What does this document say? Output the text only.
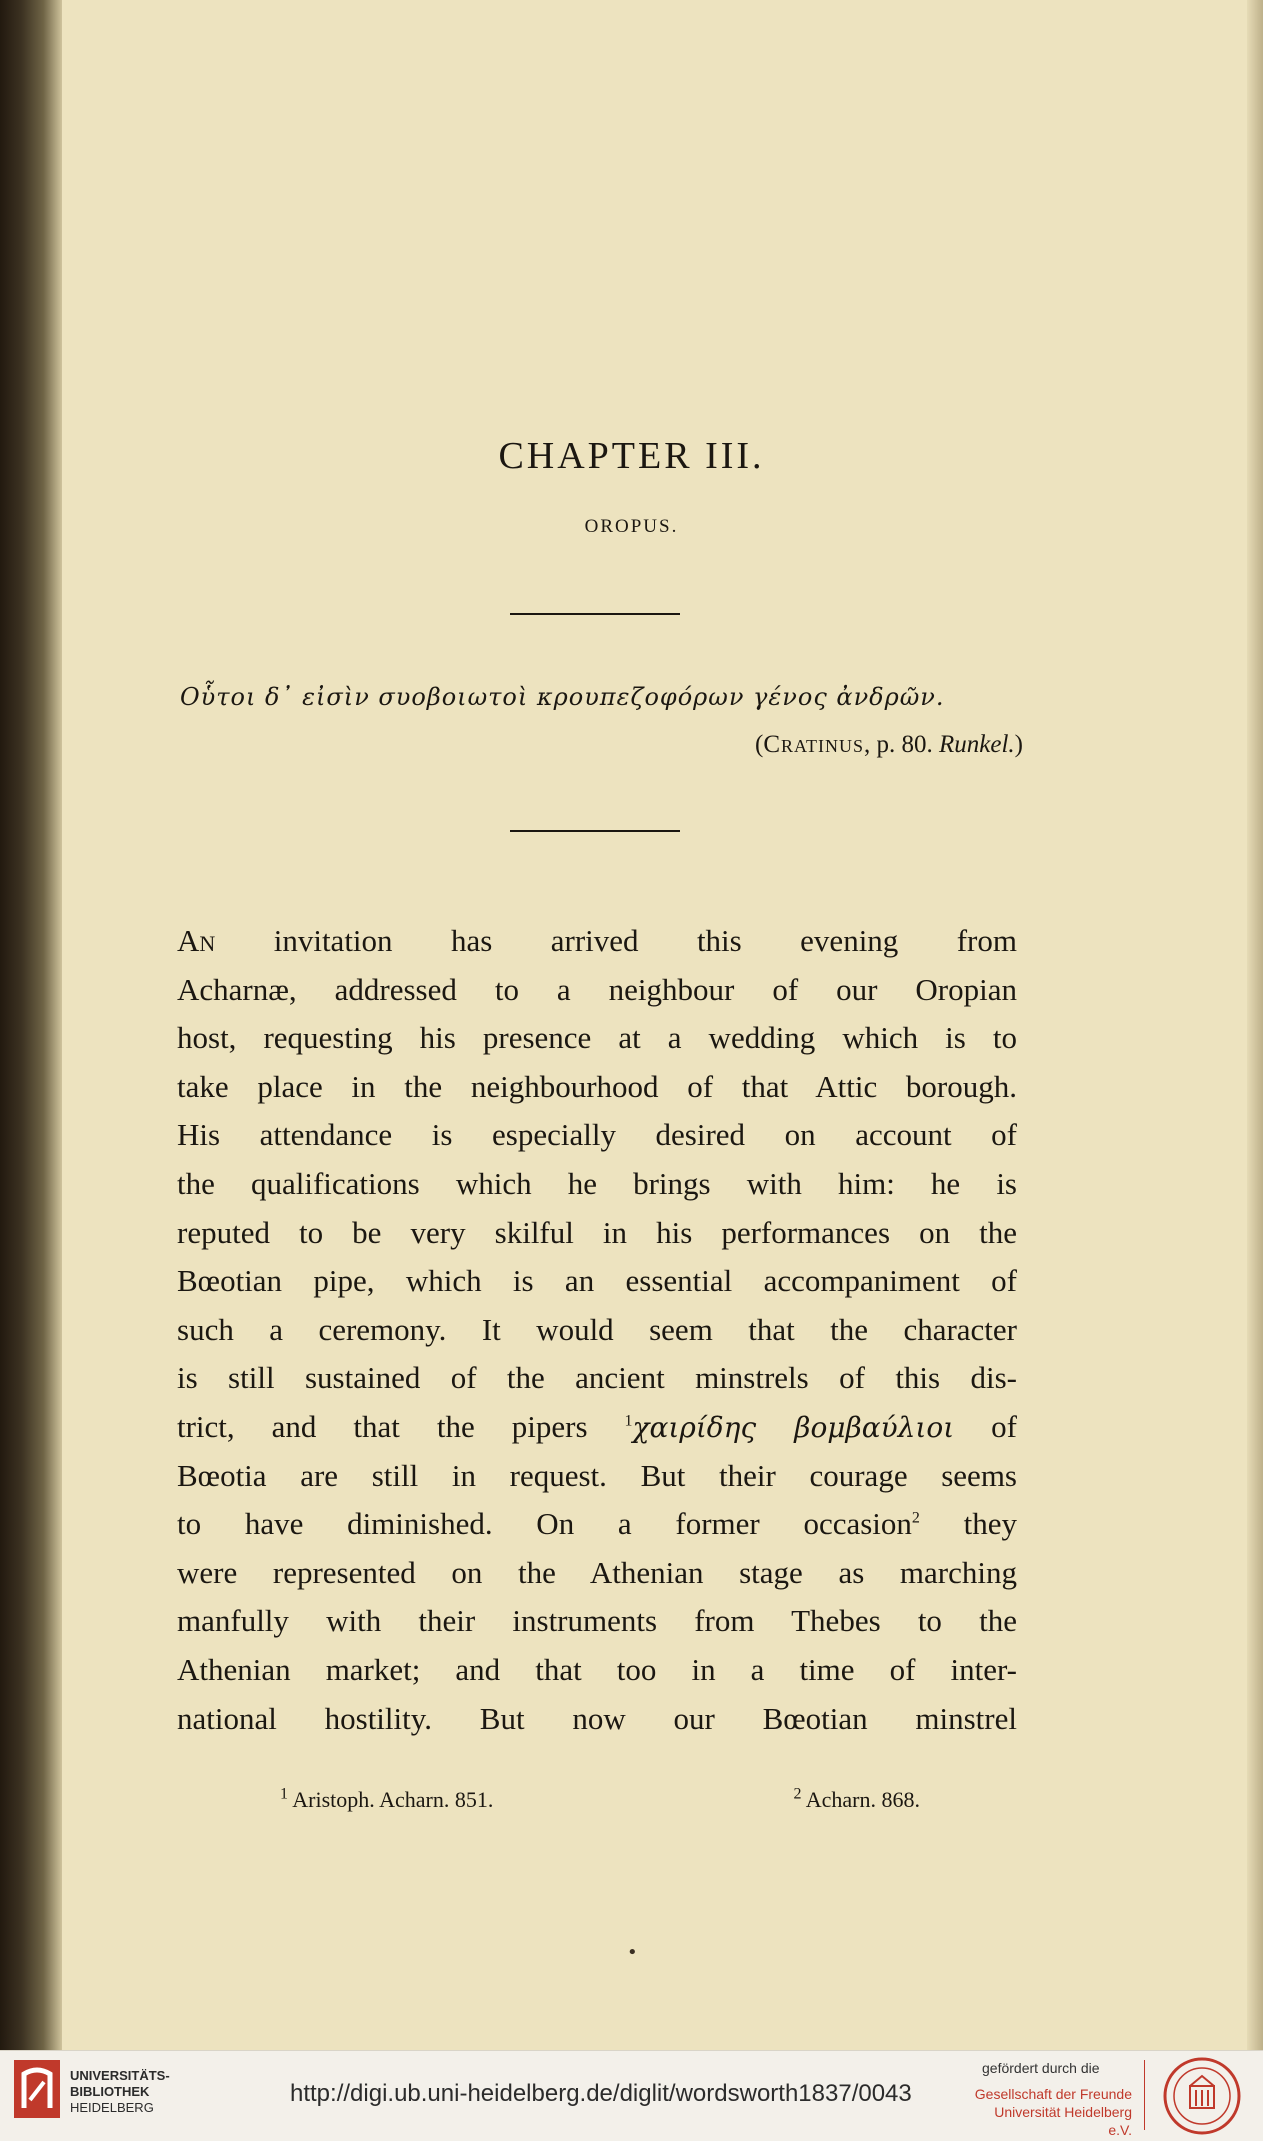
CHAPTER III.
OROPUS.
Οὗτοι δ᾽ εἰσὶν συοβοιωτοὶ κρουπεζοφόρων γένος ἀνδρῶν.
(Cratinus, p. 80. Runkel.)
An invitation has arrived this evening from
Acharnæ, addressed to a neighbour of our Oropian
host, requesting his presence at a wedding which is to
take place in the neighbourhood of that Attic borough.
His attendance is especially desired on account of
the qualifications which he brings with him: he is
reputed to be very skilful in his performances on the
Bœotian pipe, which is an essential accompaniment of
such a ceremony. It would seem that the character
is still sustained of the ancient minstrels of this dis-
trict, and that the pipers $^1$χαιρίδης βομβαύλιοι of
Bœotia are still in request. But their courage seems
to have diminished. On a former occasion$^2$ they
were represented on the Athenian stage as marching
manfully with their instruments from Thebes to the
Athenian market; and that too in a time of inter-
national hostility. But now our Bœotian minstrel
$^1$ Aristoph. Acharn. 851.	$^2$ Acharn. 868.
•
UNIVERSITÄTS-
BIBLIOTHEK
HEIDELBERG
http://digi.ub.uni-heidelberg.de/diglit/wordsworth1837/0043
gefördert durch die
Gesellschaft der Freunde
Universität Heidelberg e.V.
